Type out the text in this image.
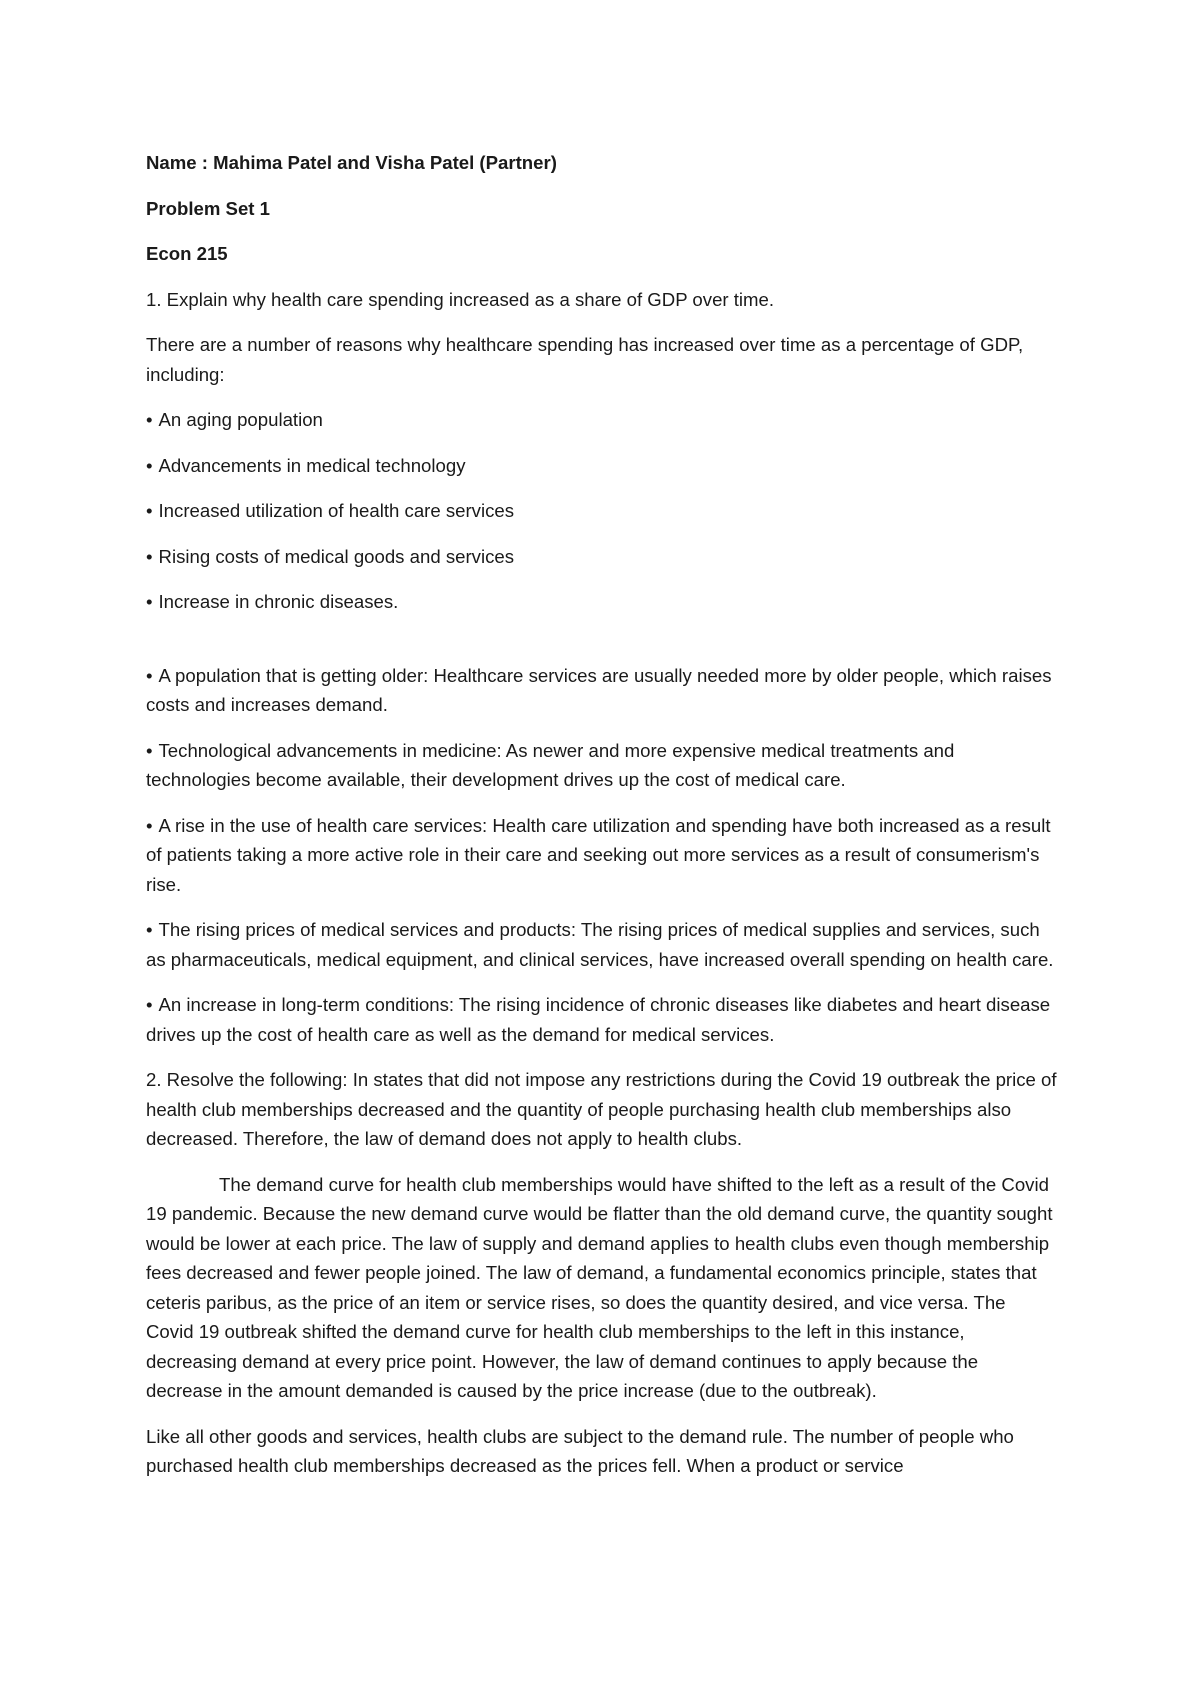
Name : Mahima Patel and Visha Patel (Partner)

Problem Set 1

Econ 215

1. Explain why health care spending increased as a share of GDP over time.

There are a number of reasons why healthcare spending has increased over time as a percentage of GDP, including:

• An aging population

• Advancements in medical technology

• Increased utilization of health care services

• Rising costs of medical goods and services

• Increase in chronic diseases.

• A population that is getting older: Healthcare services are usually needed more by older people, which raises costs and increases demand.

• Technological advancements in medicine: As newer and more expensive medical treatments and technologies become available, their development drives up the cost of medical care.

• A rise in the use of health care services: Health care utilization and spending have both increased as a result of patients taking a more active role in their care and seeking out more services as a result of consumerism's rise.

• The rising prices of medical services and products: The rising prices of medical supplies and services, such as pharmaceuticals, medical equipment, and clinical services, have increased overall spending on health care.

• An increase in long-term conditions: The rising incidence of chronic diseases like diabetes and heart disease drives up the cost of health care as well as the demand for medical services.

2. Resolve the following: In states that did not impose any restrictions during the Covid 19 outbreak the price of health club memberships decreased and the quantity of people purchasing health club memberships also decreased. Therefore, the law of demand does not apply to health clubs.

The demand curve for health club memberships would have shifted to the left as a result of the Covid 19 pandemic. Because the new demand curve would be flatter than the old demand curve, the quantity sought would be lower at each price. The law of supply and demand applies to health clubs even though membership fees decreased and fewer people joined. The law of demand, a fundamental economics principle, states that ceteris paribus, as the price of an item or service rises, so does the quantity desired, and vice versa. The Covid 19 outbreak shifted the demand curve for health club memberships to the left in this instance, decreasing demand at every price point. However, the law of demand continues to apply because the decrease in the amount demanded is caused by the price increase (due to the outbreak).

Like all other goods and services, health clubs are subject to the demand rule. The number of people who purchased health club memberships decreased as the prices fell. When a product or service
